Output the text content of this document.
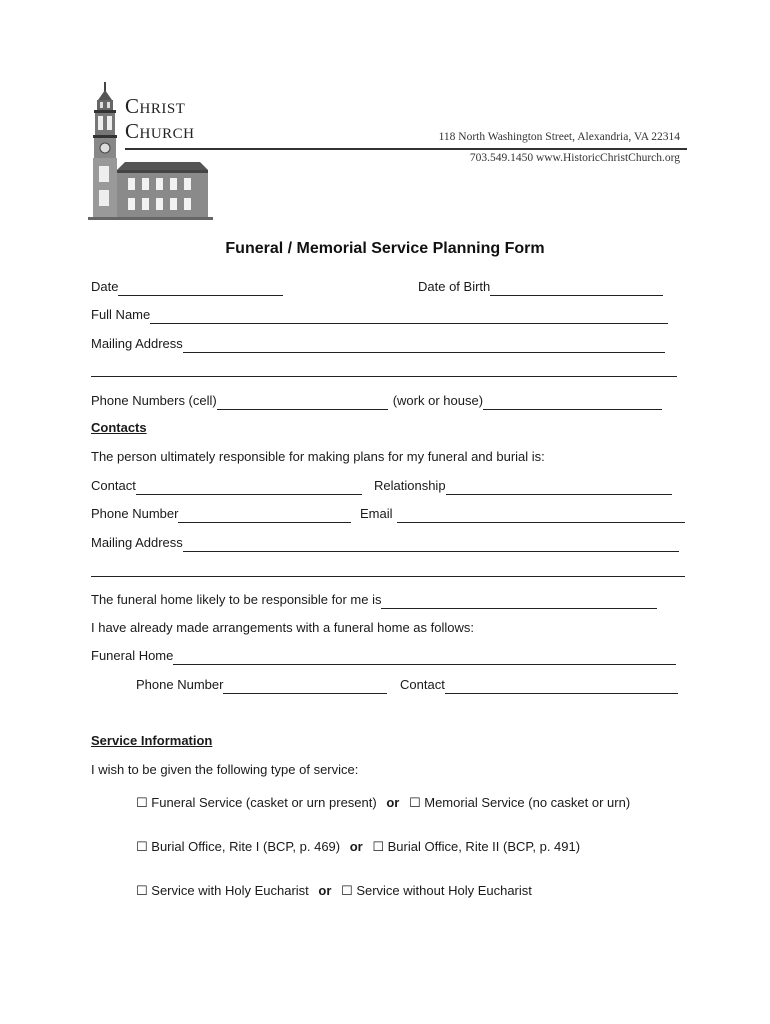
Christ
Church	118 North Washington Street, Alexandria, VA 22314
703.549.1450 www.HistoricChristChurch.org
Funeral / Memorial Service Planning Form
Date	Date of Birth
Full Name
Mailing Address
Phone Numbers (cell)	(work or house)
Contacts
The person ultimately responsible for making plans for my funeral and burial is:
Contact	Relationship
Phone Number	Email
Mailing Address
The funeral home likely to be responsible for me is
I have already made arrangements with a funeral home as follows:
Funeral Home
Phone Number	Contact
Service Information
I wish to be given the following type of service:
☐ Funeral Service (casket or urn present) or ☐ Memorial Service (no casket or urn)
☐ Burial Office, Rite I (BCP, p. 469) or ☐ Burial Office, Rite II (BCP, p. 491)
☐ Service with Holy Eucharist or ☐ Service without Holy Eucharist
